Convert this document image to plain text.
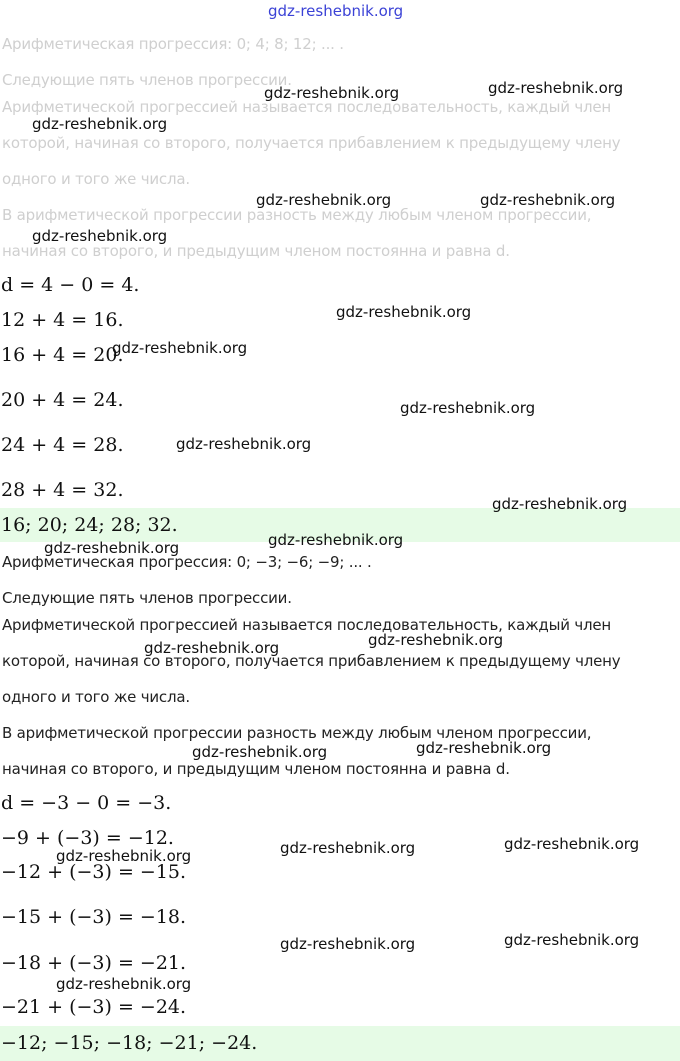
Арифметическая прогрессия: 0; 4; 8; 12; ... .
Следующие пять членов прогрессии.
Арифметической прогрессией называется последовательность, каждый член
которой, начиная со второго, получается прибавлением к предыдущему члену
одного и того же числа.
В арифметической прогрессии разность между любым членом прогрессии,
начиная со второго, и предыдущим членом постоянна и равна d.
d = 4 − 0 = 4.
12 + 4 = 16.
16 + 4 = 20.
20 + 4 = 24.
24 + 4 = 28.
28 + 4 = 32.
16; 20; 24; 28; 32.
Арифметическая прогрессия: 0; −3; −6; −9; ... .
Следующие пять членов прогрессии.
Арифметической прогрессией называется последовательность, каждый член
которой, начиная со второго, получается прибавлением к предыдущему члену
одного и того же числа.
В арифметической прогрессии разность между любым членом прогрессии,
начиная со второго, и предыдущим членом постоянна и равна d.
d = −3 − 0 = −3.
−9 + (−3) = −12.
−12 + (−3) = −15.
−15 + (−3) = −18.
−18 + (−3) = −21.
−21 + (−3) = −24.
−12; −15; −18; −21; −24.
gdz-reshebnik.org
gdz-reshebnik.org	gdz-reshebnik.org
gdz-reshebnik.org
gdz-reshebnik.org	gdz-reshebnik.org
gdz-reshebnik.org
gdz-reshebnik.org
gdz-reshebnik.org
gdz-reshebnik.org
gdz-reshebnik.org
gdz-reshebnik.org
gdz-reshebnik.org
gdz-reshebnik.org
gdz-reshebnik.org
gdz-reshebnik.org
gdz-reshebnik.org
gdz-reshebnik.org
gdz-reshebnik.org	gdz-reshebnik.org
gdz-reshebnik.org
gdz-reshebnik.org	gdz-reshebnik.org
gdz-reshebnik.org
